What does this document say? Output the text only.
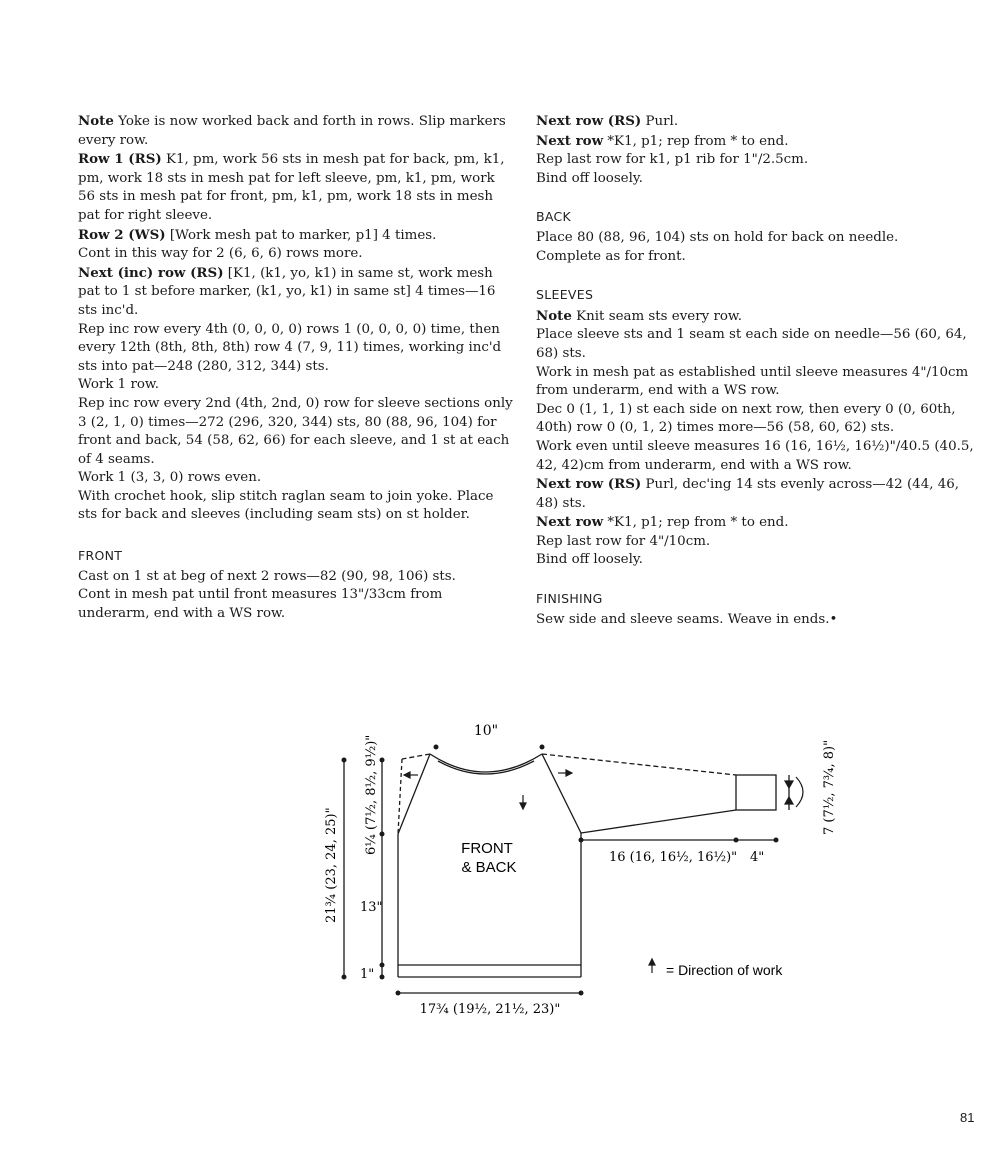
Note Yoke is now worked back and forth in rows. Slip markers every row.

Row 1 (RS) K1, pm, work 56 sts in mesh pat for back, pm, k1, pm, work 18 sts in mesh pat for left sleeve, pm, k1, pm, work 56 sts in mesh pat for front, pm, k1, pm, work 18 sts in mesh pat for right sleeve.

Row 2 (WS) [Work mesh pat to marker, p1] 4 times.

Cont in this way for 2 (6, 6, 6) rows more.

Next (inc) row (RS) [K1, (k1, yo, k1) in same st, work mesh pat to 1 st before marker, (k1, yo, k1) in same st] 4 times—16 sts inc'd.

Rep inc row every 4th (0, 0, 0, 0) rows 1 (0, 0, 0, 0) time, then every 12th (8th, 8th, 8th) row 4 (7, 9, 11) times, working inc'd sts into pat—248 (280, 312, 344) sts.

Work 1 row.

Rep inc row every 2nd (4th, 2nd, 0) row for sleeve sections only 3 (2, 1, 0) times—272 (296, 320, 344) sts, 80 (88, 96, 104) for front and back, 54 (58, 62, 66) for each sleeve, and 1 st at each of 4 seams.

Work 1 (3, 3, 0) rows even.

With crochet hook, slip stitch raglan seam to join yoke. Place sts for back and sleeves (including seam sts) on st holder.

FRONT

Cast on 1 st at beg of next 2 rows—82 (90, 98, 106) sts.

Cont in mesh pat until front measures 13"/33cm from underarm, end with a WS row.

Next row (RS) Purl.

Next row *K1, p1; rep from * to end.

Rep last row for k1, p1 rib for 1"/2.5cm.

Bind off loosely.

BACK

Place 80 (88, 96, 104) sts on hold for back on needle.

Complete as for front.

SLEEVES

Note Knit seam sts every row.

Place sleeve sts and 1 seam st each side on needle—56 (60, 64, 68) sts.

Work in mesh pat as established until sleeve measures 4"/10cm from underarm, end with a WS row.

Dec 0 (1, 1, 1) st each side on next row, then every 0 (0, 60th, 40th) row 0 (0, 1, 2) times more—56 (58, 60, 62) sts.

Work even until sleeve measures 16 (16, 16½, 16½)"/40.5 (40.5, 42, 42)cm from underarm, end with a WS row.

Next row (RS) Purl, dec'ing 14 sts evenly across—42 (44, 46, 48) sts.

Next row *K1, p1; rep from * to end.

Rep last row for 4"/10cm.

Bind off loosely.

FINISHING

Sew side and sleeve seams. Weave in ends.•

10"
6¼ (7½, 8½, 9½)"
21¾ (23, 24, 25)" 13"
1"
17¾ (19½, 21½, 23)"
16 (16, 16½, 16½)" 4"
7 (7½, 7¾, 8)"
FRONT
& BACK
= Direction of work
81
